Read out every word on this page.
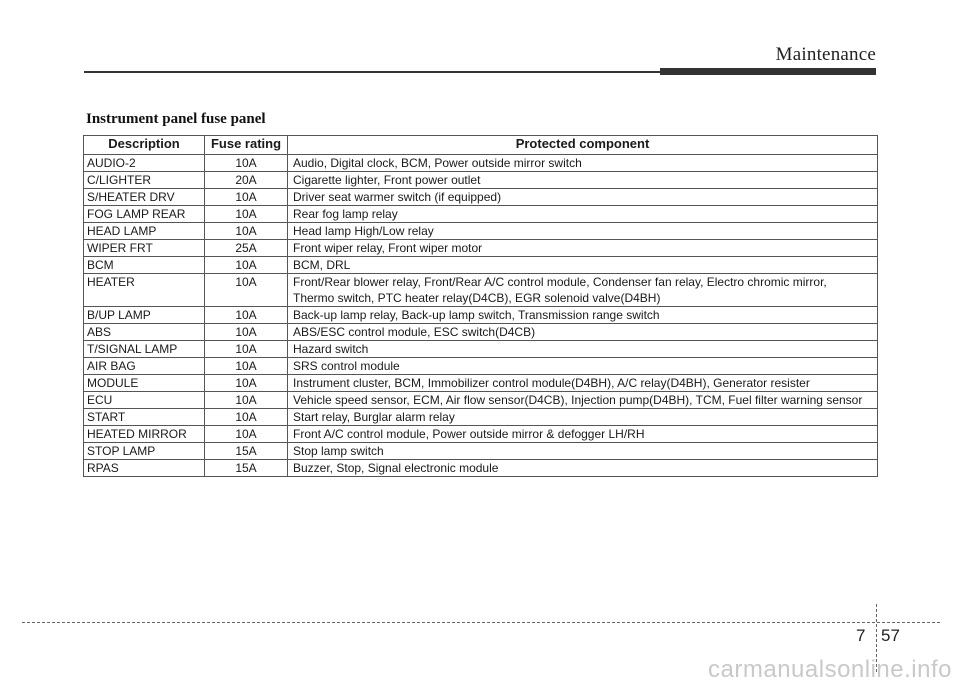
Maintenance
Instrument panel fuse panel
Description	Fuse rating	Protected component
AUDIO-2	10A	Audio, Digital clock, BCM, Power outside mirror switch

C/LIGHTER	20A	Cigarette lighter, Front power outlet

S/HEATER DRV	10A	Driver seat warmer switch (if equipped)

FOG LAMP REAR	10A	Rear fog lamp relay

HEAD LAMP	10A	Head lamp High/Low relay

WIPER FRT	25A	Front wiper relay, Front wiper motor

BCM	10A	BCM, DRL

HEATER	10A	Front/Rear blower relay, Front/Rear A/C control module, Condenser fan relay, Electro chromic mirror,
Thermo switch, PTC heater relay(D4CB), EGR solenoid valve(D4BH)

B/UP LAMP	10A	Back-up lamp relay, Back-up lamp switch, Transmission range switch

ABS	10A	ABS/ESC control module, ESC switch(D4CB)

T/SIGNAL LAMP	10A	Hazard switch

AIR BAG	10A	SRS control module

MODULE	10A	Instrument cluster, BCM, Immobilizer control module(D4BH), A/C relay(D4BH), Generator resister

ECU	10A	Vehicle speed sensor, ECM, Air flow sensor(D4CB), Injection pump(D4BH), TCM, Fuel filter warning sensor

START	10A	Start relay, Burglar alarm relay

HEATED MIRROR	10A	Front A/C control module, Power outside mirror & defogger LH/RH

STOP LAMP	15A	Stop lamp switch

RPAS	15A	Buzzer, Stop, Signal electronic module
7 57
carmanualsonline.info
